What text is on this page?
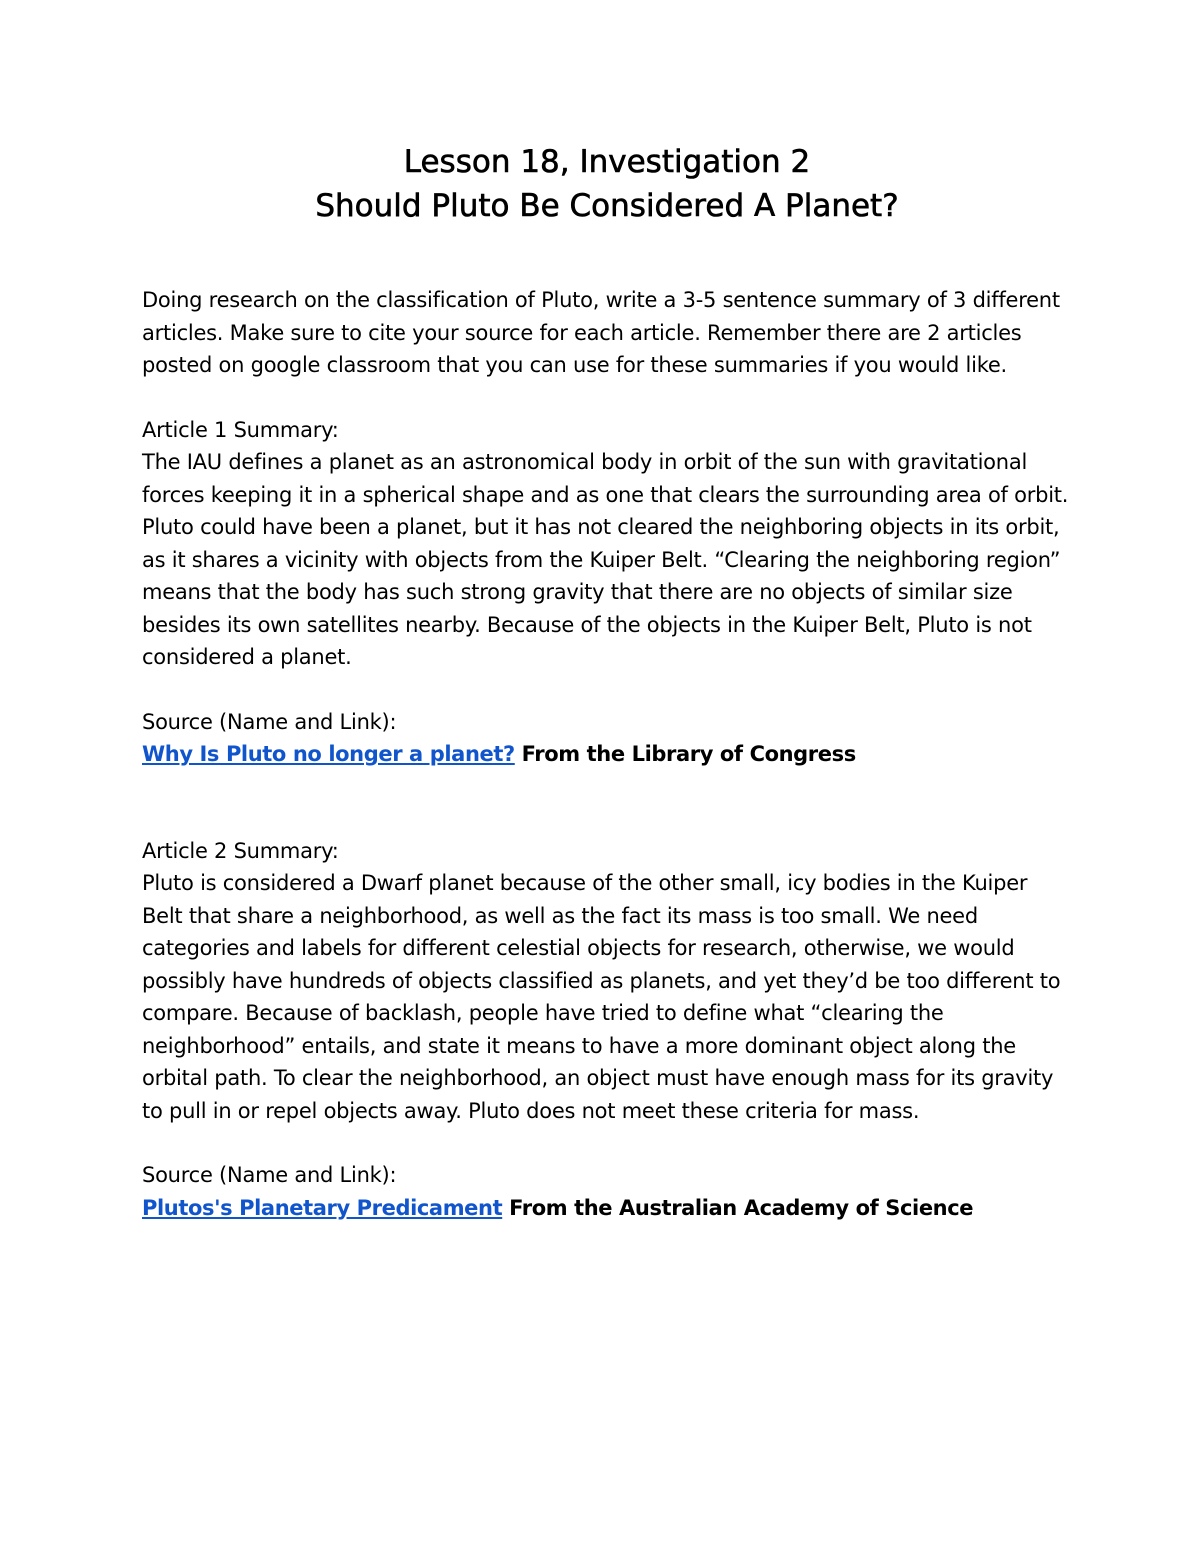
Lesson 18, Investigation 2
Should Pluto Be Considered A Planet?

Doing research on the classification of Pluto, write a 3-5 sentence summary of 3 different articles. Make sure to cite your source for each article. Remember there are 2 articles posted on google classroom that you can use for these summaries if you would like.

Article 1 Summary:

The IAU defines a planet as an astronomical body in orbit of the sun with gravitational forces keeping it in a spherical shape and as one that clears the surrounding area of orbit. Pluto could have been a planet, but it has not cleared the neighboring objects in its orbit, as it shares a vicinity with objects from the Kuiper Belt. “Clearing the neighboring region” means that the body has such strong gravity that there are no objects of similar size besides its own satellites nearby. Because of the objects in the Kuiper Belt, Pluto is not considered a planet.

Source (Name and Link):
Why Is Pluto no longer a planet? From the Library of Congress

Article 2 Summary:

Pluto is considered a Dwarf planet because of the other small, icy bodies in the Kuiper Belt that share a neighborhood, as well as the fact its mass is too small. We need categories and labels for different celestial objects for research, otherwise, we would possibly have hundreds of objects classified as planets, and yet they’d be too different to compare. Because of backlash, people have tried to define what “clearing the neighborhood” entails, and state it means to have a more dominant object along the orbital path. To clear the neighborhood, an object must have enough mass for its gravity to pull in or repel objects away. Pluto does not meet these criteria for mass.

Source (Name and Link):
Plutos's Planetary Predicament From the Australian Academy of Science
